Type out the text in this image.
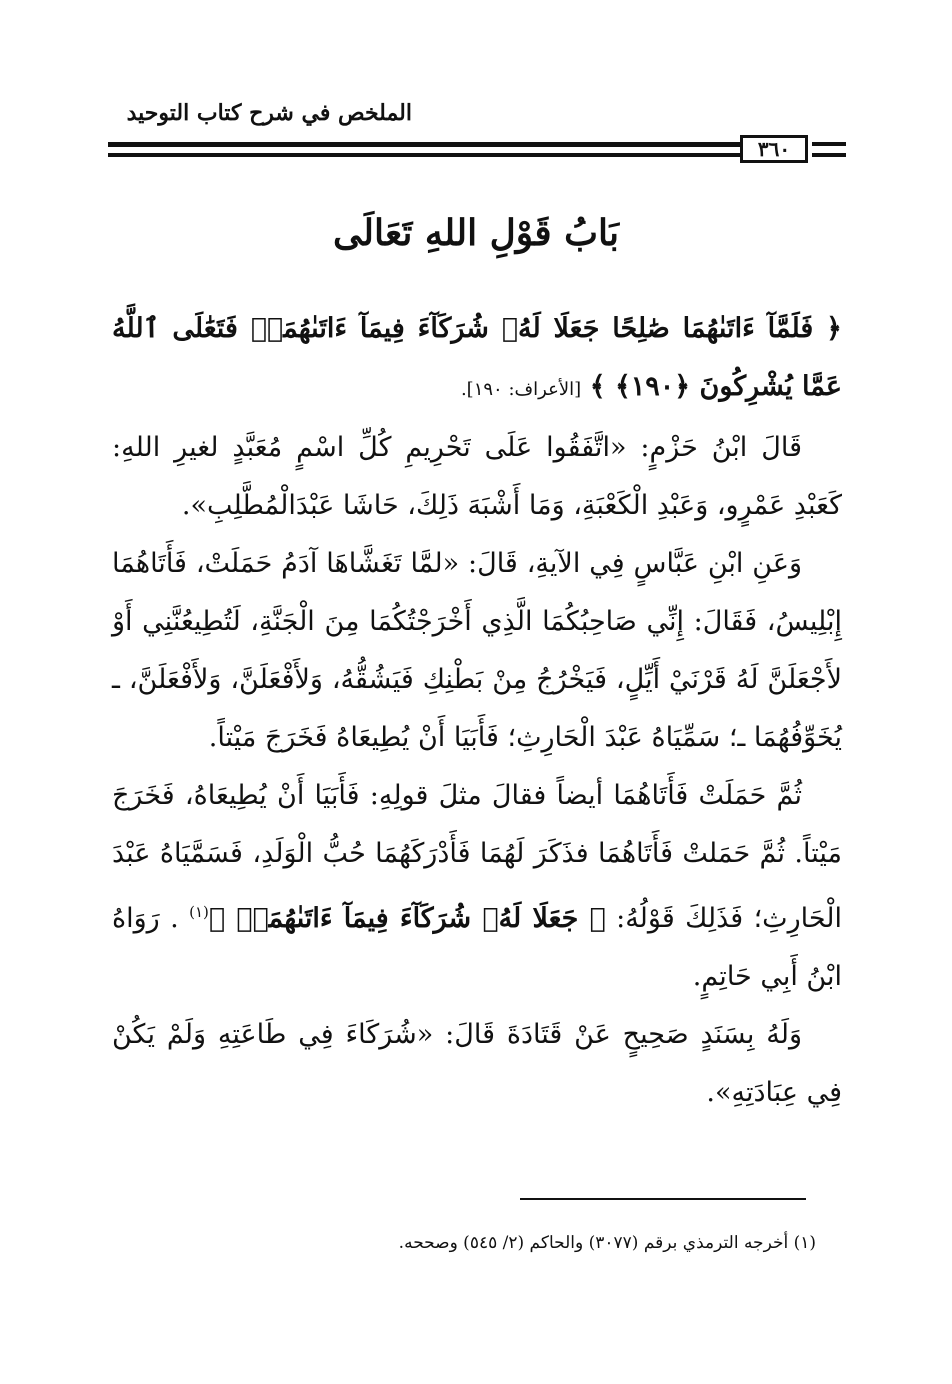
الملخص في شرح كتاب التوحيد
٣٦٠
بَابُ قَوْلِ اللهِ تَعَالَى

﴿ فَلَمَّآ ءَاتَىٰهُمَا صَٰلِحًا جَعَلَا لَهُۥ شُرَكَآءَ فِيمَآ ءَاتَىٰهُمَاۚ فَتَعَٰلَى ٱللَّهُ عَمَّا يُشْرِكُونَ ﴿١٩٠﴾ ﴾ [الأعراف: ١٩٠].

قَالَ ابْنُ حَزْمٍ: «اتَّفَقُوا عَلَى تَحْرِيمِ كُلِّ اسْمٍ مُعَبَّدٍ لغيرِ اللهِ: كَعَبْدِ عَمْرٍو، وَعَبْدِ الْكَعْبَةِ، وَمَا أَشْبَهَ ذَلِكَ، حَاشَا عَبْدَالْمُطَّلِبِ».

وَعَنِ ابْنِ عَبَّاسٍ فِي الآيةِ، قَالَ: «لمَّا تَغَشَّاهَا آدَمُ حَمَلَتْ، فَأَتَاهُمَا إِبْلِيسُ، فَقَالَ: إِنِّي صَاحِبُكُمَا الَّذِي أَخْرَجْتُكُمَا مِنَ الْجَنَّةِ، لَتُطِيعُنَّنِي أَوْ لأَجْعَلَنَّ لَهُ قَرْنَيْ أَيِّلٍ، فَيَخْرُجُ مِنْ بَطْنِكِ فَيَشُقُّهُ، وَلأَفْعَلَنَّ، وَلأَفْعَلَنَّ، ـ يُخَوِّفُهُمَا ـ؛ سَمِّيَاهُ عَبْدَ الْحَارِثِ؛ فَأَبَيَا أَنْ يُطِيعَاهُ فَخَرَجَ مَيْتاً.

ثُمَّ حَمَلَتْ فَأَتَاهُمَا أيضاً فقالَ مثلَ قولِهِ: فَأَبَيَا أَنْ يُطِيعَاهُ، فَخَرَجَ مَيْتاً. ثُمَّ حَمَلتْ فَأَتَاهُمَا فذَكَرَ لَهُمَا فَأَدْرَكَهُمَا حُبُّ الْوَلَدِ، فَسَمَّيَاهُ عَبْدَ الْحَارِثِ؛ فَذَلِكَ قَوْلُهُ: ﴿ جَعَلَا لَهُۥ شُرَكَآءَ فِيمَآ ءَاتَىٰهُمَاۚ ﴾$^{(١)}$ . رَوَاهُ ابْنُ أَبِي حَاتِمٍ.

وَلَهُ بِسَنَدٍ صَحِيحٍ عَنْ قَتَادَةَ قَالَ: «شُرَكَاءَ فِي طَاعَتِهِ وَلَمْ يَكُنْ فِي عِبَادَتِهِ».

(١) أخرجه الترمذي برقم (٣٠٧٧) والحاكم (٢/ ٥٤٥) وصححه.
